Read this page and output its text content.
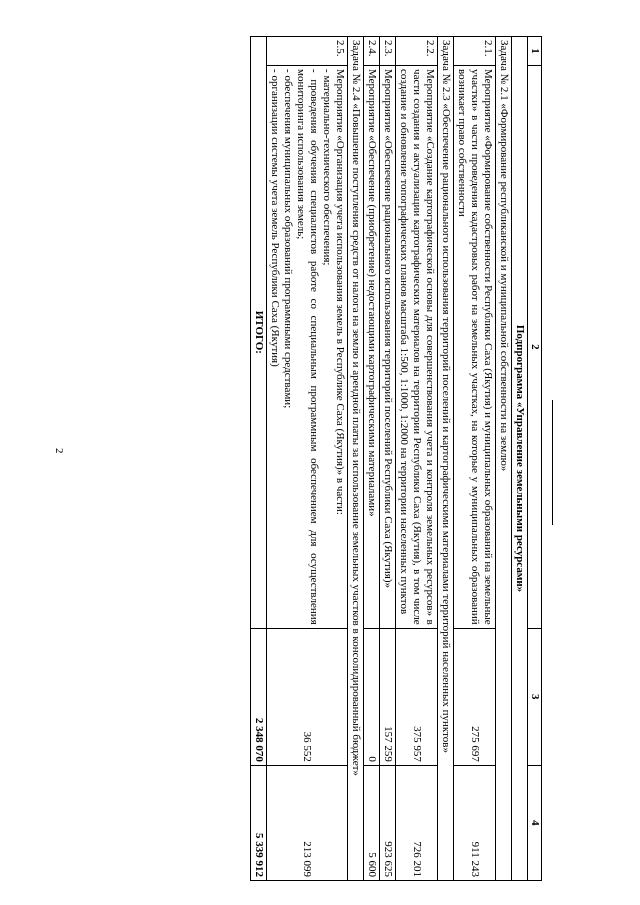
2
1	2	3	4
Подпрограмма «Управление земельными ресурсами»			
Задача № 2.1 «Формирование республиканской и муниципальной собственности на землю»			
2.1.	Мероприятие «Формирование собственности Республики Саха (Якутия) и муниципальных образований на земельные участки» в части проведения кадастровых работ на земельных участках, на которые у муниципальных образований возникает право собственности	275 697	911 243
Задача № 2.3 «Обеспечение рационального использования территорий поселений и картографическими материалами территорий населенных пунктов»			
2.2.	Мероприятие «Создание картографической основы для совершенствования учета и контроля земельных ресурсов» в части создания и актуализации картографических материалов на территории Республики Саха (Якутия), в том числе создание и обновление топографических планов масштаба 1:500, 1:1000, 1:2000 на территории населенных пунктов	375 957	726 201
2.3.	Мероприятие «Обеспечение рационального использования территорий поселений Республики Саха (Якутия)»	157 259	923 625
2.4.	Мероприятие «Обеспечение (приобретение) недостающими картографическими материалами»	0	5 600
Задача № 2.4 «Повышение поступления средств от налога на землю и арендной платы за использование земельных участков в консолидированный бюджет»			
2.5.	Мероприятие «Организация учета использования земель в Республике Саха (Якутия)» в части:
- материально-технического обеспечения;
- проведения обучения специалистов работе со специальным программным обеспечением для осуществления мониторинга использования земель;
- обеспечения муниципальных образований программными средствами;
- организации системы учета земель Республики Саха (Якутия)	36 552	213 099
ИТОГО:		2 348 070	5 339 912
